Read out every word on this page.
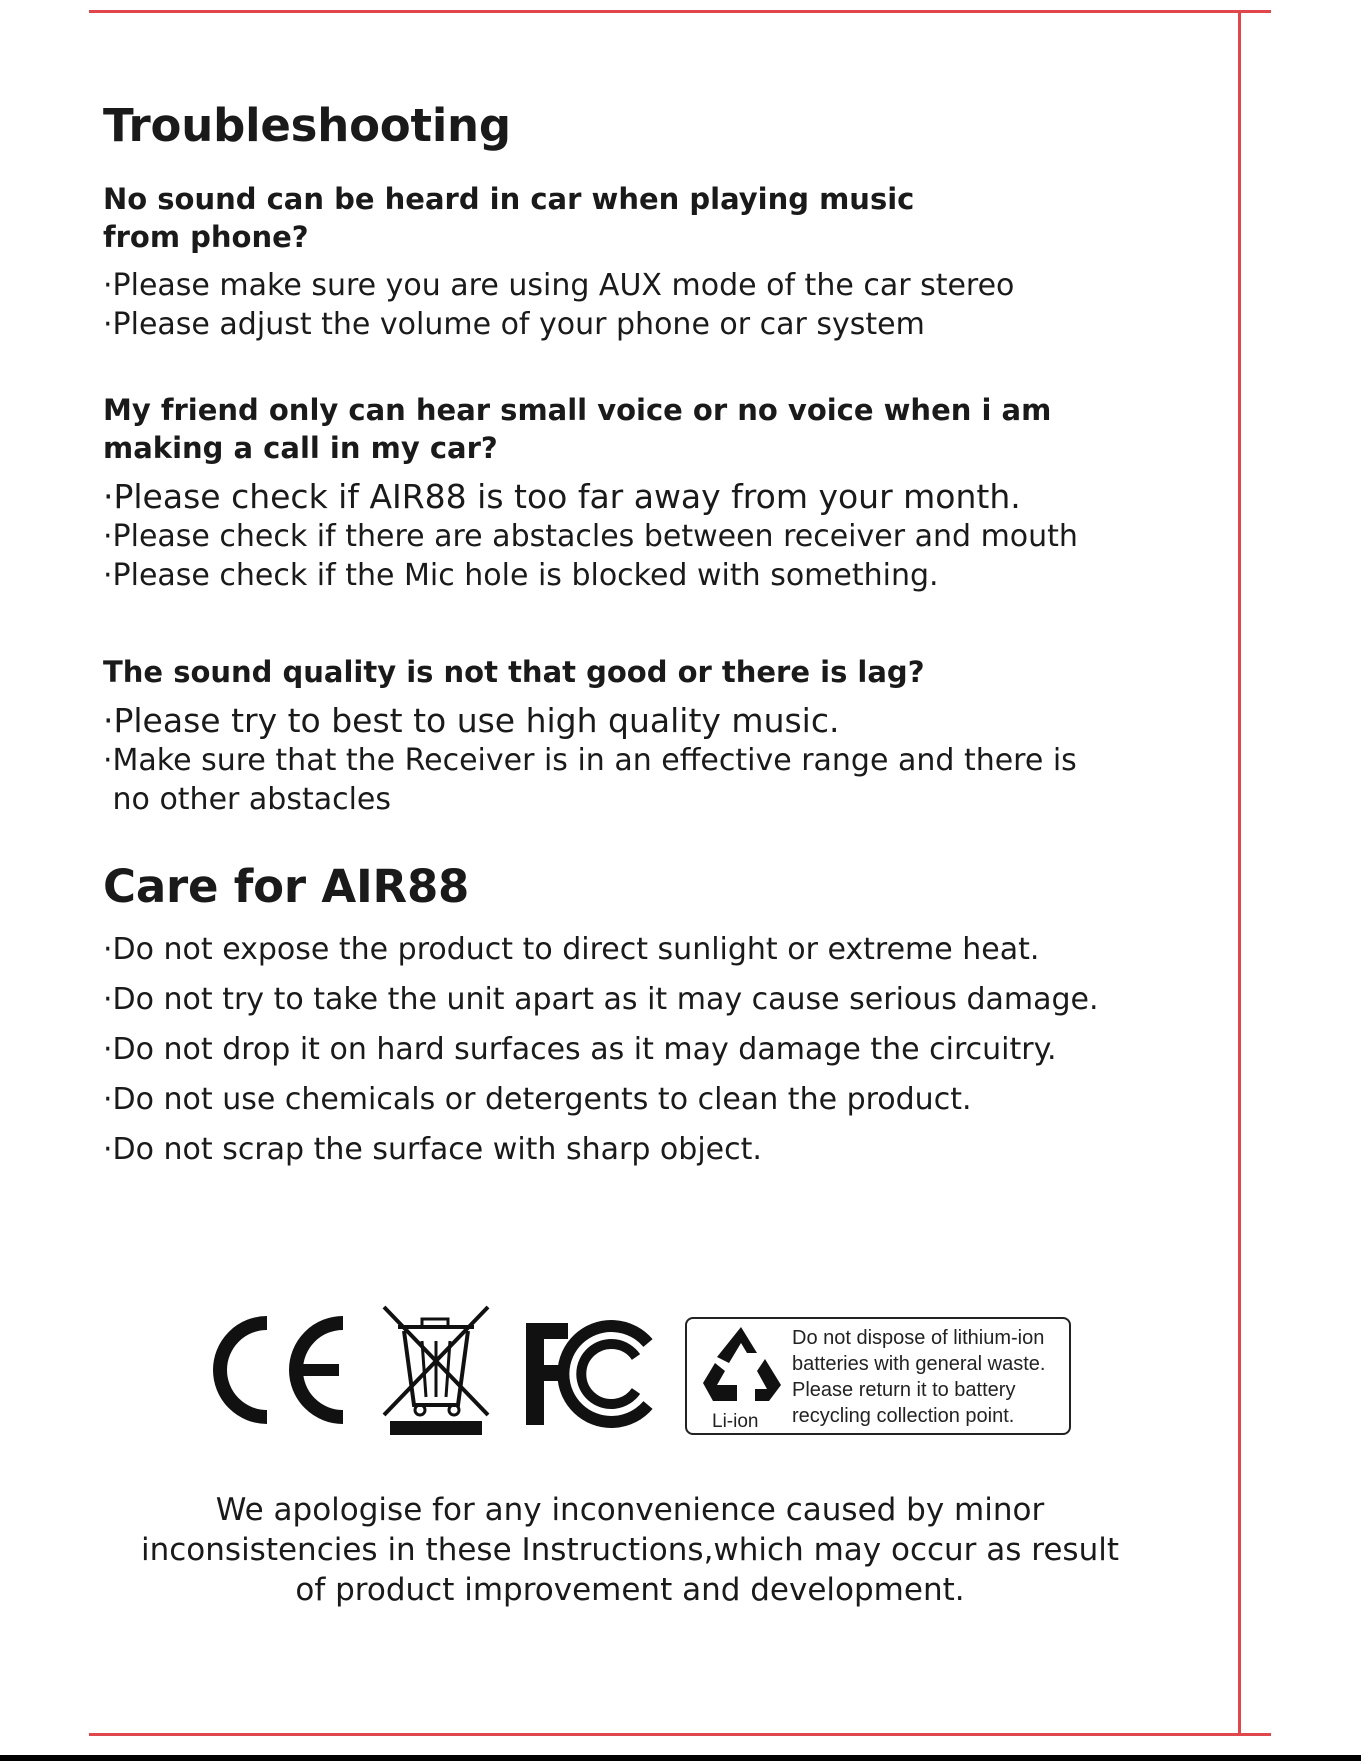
Troubleshooting

No sound can be heard in car when playing music

from phone?

·Please make sure you are using AUX mode of the car stereo

·Please adjust the volume of your phone or car system

My friend only can hear small voice or no voice when i am

making a call in my car?

·Please check if AIR88 is too far away from your month.

·Please check if there are abstacles between receiver and mouth

·Please check if the Mic hole is blocked with something.

The sound quality is not that good or there is lag?

·Please try to best to use high quality music.

·Make sure that the Receiver is in an effective range and there is

no other abstacles

Care for AIR88

·Do not expose the product to direct sunlight or extreme heat.

·Do not try to take the unit apart as it may cause serious damage.

·Do not drop it on hard surfaces as it may damage the circuitry.

·Do not use chemicals or detergents to clean the product.

·Do not scrap the surface with sharp object.

Li-ion
Do not dispose of lithium-ion
batteries with general waste.
Please return it to battery
recycling collection point.
We apologise for any inconvenience caused by minor
inconsistencies in these Instructions,which may occur as result
of product improvement and development.
